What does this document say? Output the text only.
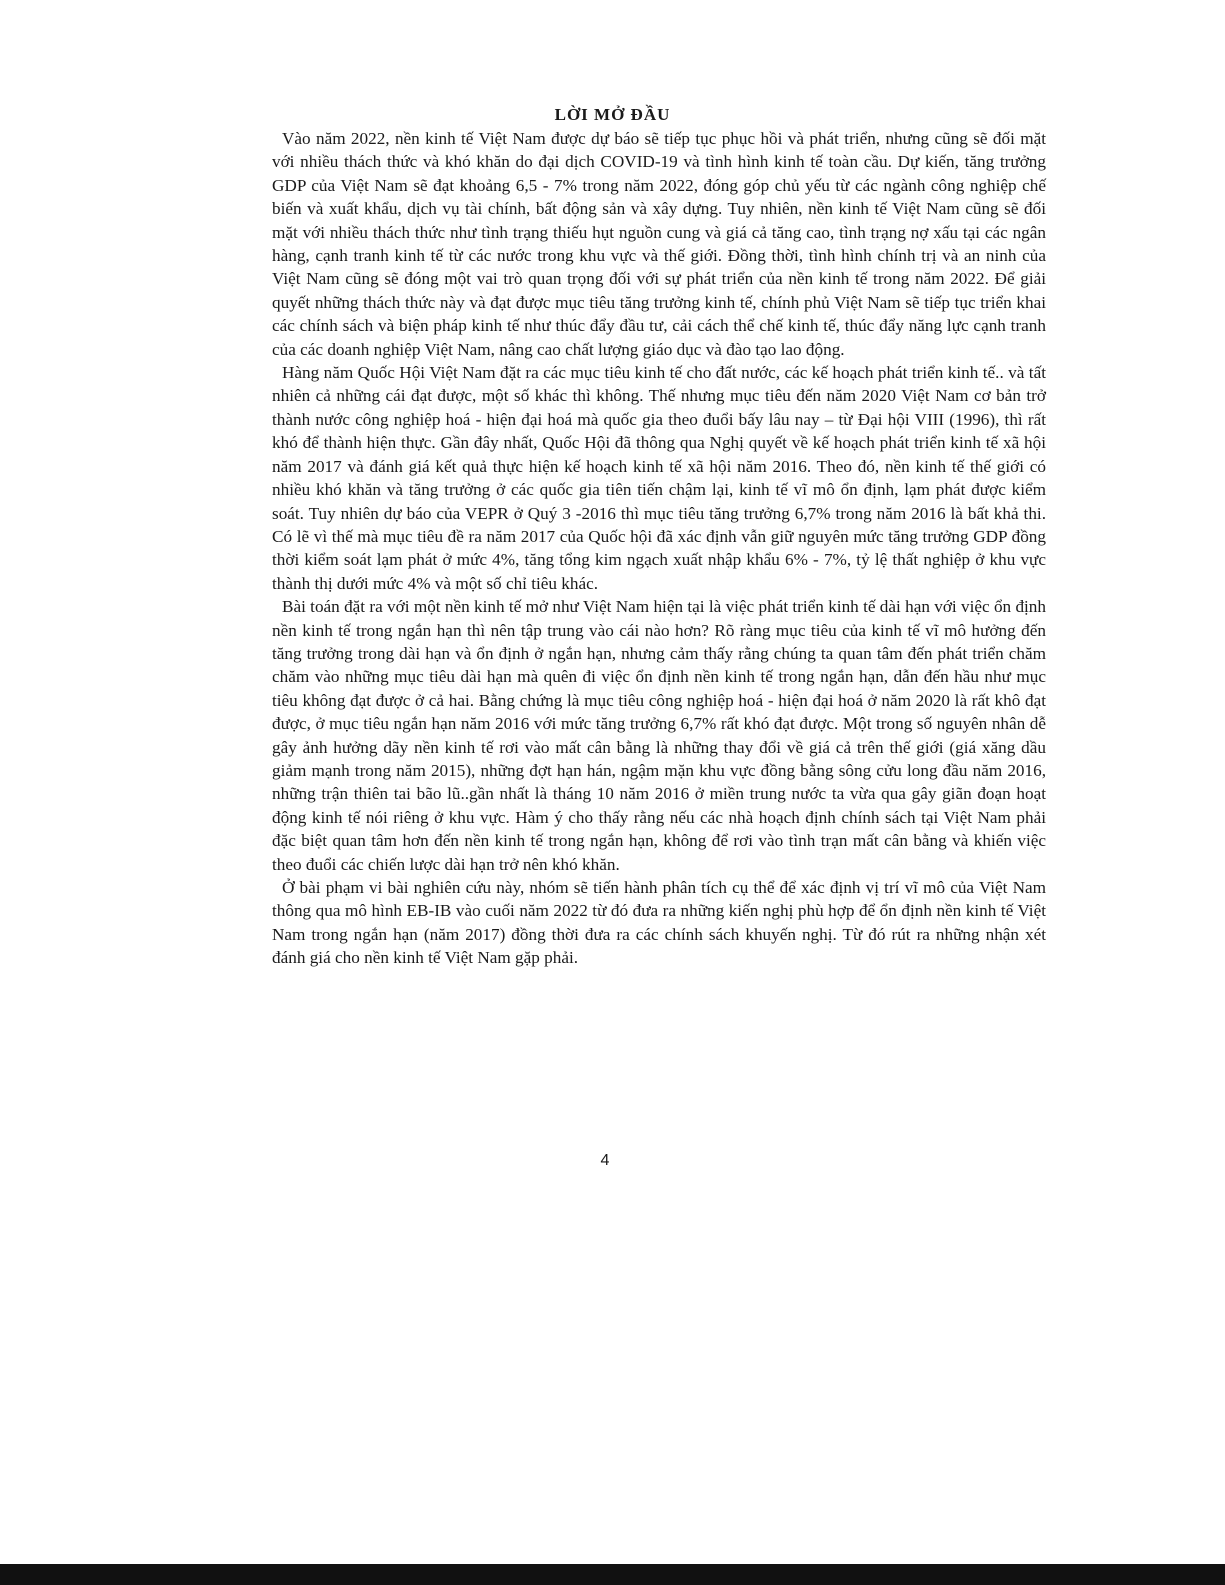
LỜI MỞ ĐẦU

Vào năm 2022, nền kinh tế Việt Nam được dự báo sẽ tiếp tục phục hồi và phát triển, nhưng cũng sẽ đối mặt với nhiều thách thức và khó khăn do đại dịch COVID-19 và tình hình kinh tế toàn cầu. Dự kiến, tăng trưởng GDP của Việt Nam sẽ đạt khoảng 6,5 - 7% trong năm 2022, đóng góp chủ yếu từ các ngành công nghiệp chế biến và xuất khẩu, dịch vụ tài chính, bất động sản và xây dựng. Tuy nhiên, nền kinh tế Việt Nam cũng sẽ đối mặt với nhiều thách thức như tình trạng thiếu hụt nguồn cung và giá cả tăng cao, tình trạng nợ xấu tại các ngân hàng, cạnh tranh kinh tế từ các nước trong khu vực và thế giới. Đồng thời, tình hình chính trị và an ninh của Việt Nam cũng sẽ đóng một vai trò quan trọng đối với sự phát triển của nền kinh tế trong năm 2022. Để giải quyết những thách thức này và đạt được mục tiêu tăng trưởng kinh tế, chính phủ Việt Nam sẽ tiếp tục triển khai các chính sách và biện pháp kinh tế như thúc đẩy đầu tư, cải cách thể chế kinh tế, thúc đẩy năng lực cạnh tranh của các doanh nghiệp Việt Nam, nâng cao chất lượng giáo dục và đào tạo lao động.

Hàng năm Quốc Hội Việt Nam đặt ra các mục tiêu kinh tế cho đất nước, các kế hoạch phát triển kinh tế.. và tất nhiên cả những cái đạt được, một số khác thì không. Thế nhưng mục tiêu đến năm 2020 Việt Nam cơ bản trở thành nước công nghiệp hoá - hiện đại hoá mà quốc gia theo đuổi bấy lâu nay – từ Đại hội VIII (1996), thì rất khó để thành hiện thực. Gần đây nhất, Quốc Hội đã thông qua Nghị quyết về kế hoạch phát triển kinh tế xã hội năm 2017 và đánh giá kết quả thực hiện kế hoạch kinh tế xã hội năm 2016. Theo đó, nền kinh tế thế giới có nhiều khó khăn và tăng trưởng ở các quốc gia tiên tiến chậm lại, kinh tế vĩ mô ổn định, lạm phát được kiểm soát. Tuy nhiên dự báo của VEPR ở Quý 3 -2016 thì mục tiêu tăng trưởng 6,7% trong năm 2016 là bất khả thi. Có lẽ vì thế mà mục tiêu đề ra năm 2017 của Quốc hội đã xác định vẫn giữ nguyên mức tăng trưởng GDP đồng thời kiểm soát lạm phát ở mức 4%, tăng tổng kim ngạch xuất nhập khẩu 6% - 7%, tỷ lệ thất nghiệp ở khu vực thành thị dưới mức 4% và một số chỉ tiêu khác.

Bài toán đặt ra với một nền kinh tế mở như Việt Nam hiện tại là việc phát triển kinh tế dài hạn với việc ổn định nền kinh tế trong ngắn hạn thì nên tập trung vào cái nào hơn? Rõ ràng mục tiêu của kinh tế vĩ mô hưởng đến tăng trưởng trong dài hạn và ổn định ở ngắn hạn, nhưng cảm thấy rằng chúng ta quan tâm đến phát triển chăm chăm vào những mục tiêu dài hạn mà quên đi việc ổn định nền kinh tế trong ngắn hạn, dẫn đến hầu như mục tiêu không đạt được ở cả hai. Bằng chứng là mục tiêu công nghiệp hoá - hiện đại hoá ở năm 2020 là rất khô đạt được, ở mục tiêu ngắn hạn năm 2016 với mức tăng trưởng 6,7% rất khó đạt được. Một trong số nguyên nhân dễ gây ảnh hưởng dãy nền kinh tế rơi vào mất cân bằng là những thay đổi về giá cả trên thế giới (giá xăng dầu giảm mạnh trong năm 2015), những đợt hạn hán, ngậm mặn khu vực đồng bằng sông cửu long đầu năm 2016, những trận thiên tai bão lũ..gần nhất là tháng 10 năm 2016 ở miền trung nước ta vừa qua gây giãn đoạn hoạt động kinh tế nói riêng ở khu vực. Hàm ý cho thấy rằng nếu các nhà hoạch định chính sách tại Việt Nam phải đặc biệt quan tâm hơn đến nền kinh tế trong ngắn hạn, không để rơi vào tình trạn mất cân bằng và khiến việc theo đuổi các chiến lược dài hạn trở nên khó khăn.

Ở bài phạm vi bài nghiên cứu này, nhóm sẽ tiến hành phân tích cụ thể để xác định vị trí vĩ mô của Việt Nam thông qua mô hình EB-IB vào cuối năm 2022 từ đó đưa ra những kiến nghị phù hợp để ổn định nền kinh tế Việt Nam trong ngắn hạn (năm 2017) đồng thời đưa ra các chính sách khuyến nghị. Từ đó rút ra những nhận xét đánh giá cho nền kinh tế Việt Nam gặp phải.

4
